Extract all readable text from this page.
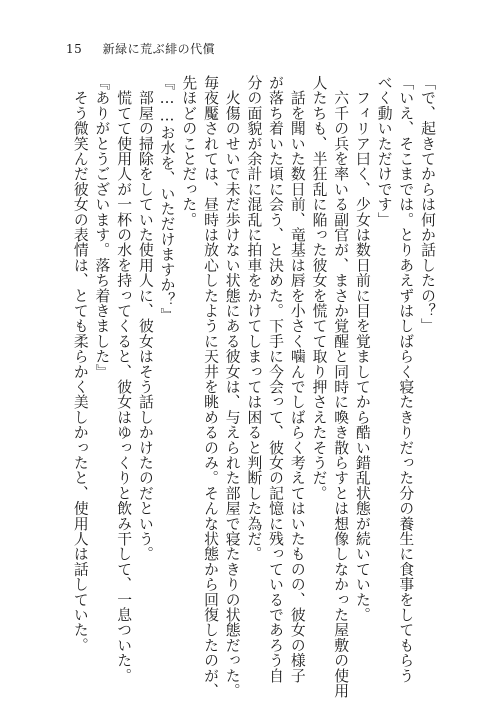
15 新緑に荒ぶ緋の代償

「で、起きてからは何か話したの？」

「いえ、そこまでは。とりあえずはしばらく寝たきりだった分の養生に食事をしてもらう

べく動いただけです」

　フィリア曰く、少女は数日前に目を覚ましてから酷い錯乱状態が続いていた。

　六千の兵を率いる副官が、まさか覚醒と同時に喚き散らすとは想像しなかった屋敷の使用

人たちも、半狂乱に陥った彼女を慌てて取り押さえたそうだ。

　話を聞いた数日前、竜基は唇を小さく噛んでしばらく考えてはいたものの、彼女の様子

が落ち着いた頃に会う、と決めた。下手に今会って、彼女の記憶に残っているであろう自

分の面貌が余計に混乱に拍車をかけてしまっては困ると判断した為だ。

　火傷のせいで未だ歩けない状態にある彼女は、与えられた部屋で寝たきりの状態だった。

毎夜魘されては、昼時は放心したように天井を眺めるのみ。そんな状態から回復したのが、

先ほどのことだった。

『……お水を、いただけますか？』

　部屋の掃除をしていた使用人に、彼女はそう話しかけたのだという。

　慌てて使用人が一杯の水を持ってくると、彼女はゆっくりと飲み干して、一息ついた。

『ありがとうございます。落ち着きました』

　そう微笑んだ彼女の表情は、とても柔らかく美しかったと、使用人は話していた。
